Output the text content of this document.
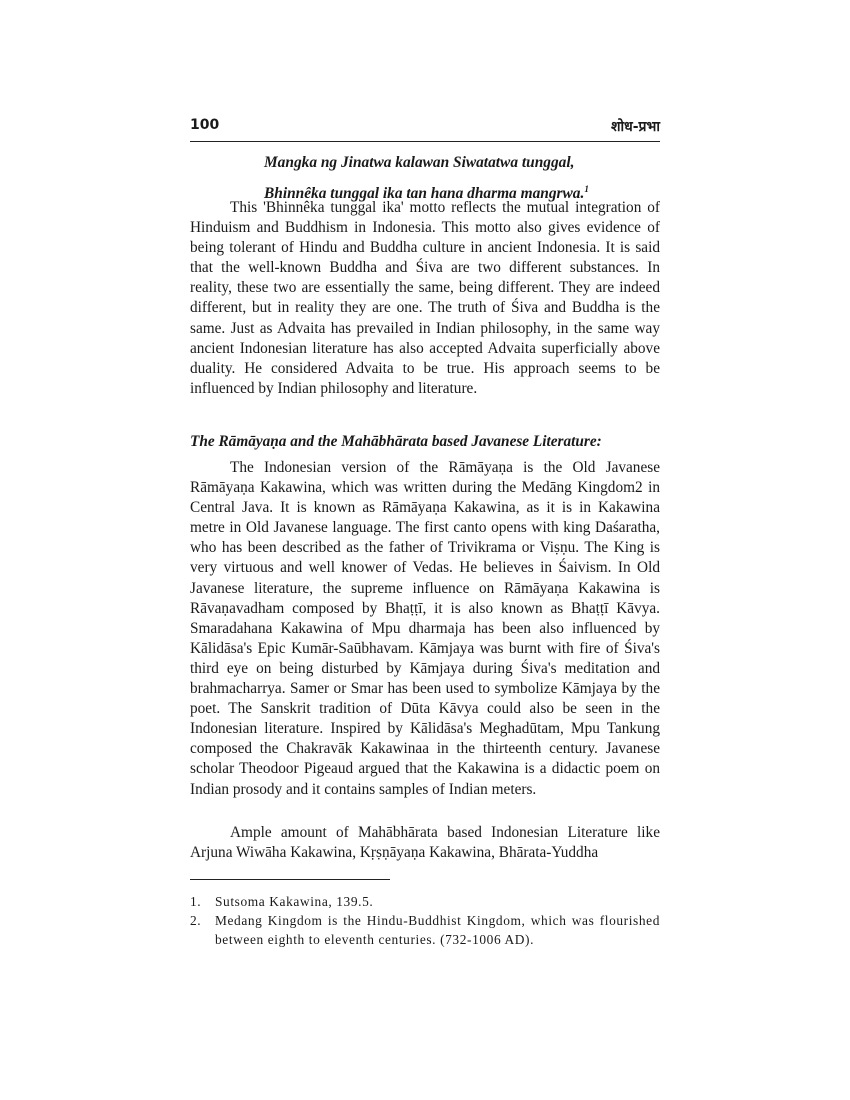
100	शोध-प्रभा
Mangka ng Jinatwa kalawan Siwatatwa tunggal,
Bhinnêka tunggal ika tan hana dharma mangrwa.$^1$

This 'Bhinnêka tunggal ika' motto reflects the mutual integration of Hinduism and Buddhism in Indonesia. This motto also gives evidence of being tolerant of Hindu and Buddha culture in ancient Indonesia. It is said that the well-known Buddha and Śiva are two different substances. In reality, these two are essentially the same, being different. They are indeed different, but in reality they are one. The truth of Śiva and Buddha is the same. Just as Advaita has prevailed in Indian philosophy, in the same way ancient Indonesian literature has also accepted Advaita superficially above duality. He considered Advaita to be true. His approach seems to be influenced by Indian philosophy and literature.

The Rāmāyaṇa and the Mahābhārata based Javanese Literature:

The Indonesian version of the Rāmāyaṇa is the Old Javanese Rāmāyaṇa Kakawina, which was written during the Medāng Kingdom2 in Central Java. It is known as Rāmāyaṇa Kakawina, as it is in Kakawina metre in Old Javanese language. The first canto opens with king Daśaratha, who has been described as the father of Trivikrama or Viṣṇu. The King is very virtuous and well knower of Vedas. He believes in Śaivism. In Old Javanese literature, the supreme influence on Rāmāyaṇa Kakawina is Rāvaṇavadham composed by Bhaṭṭī, it is also known as Bhaṭṭī Kāvya. Smaradahana Kakawina of Mpu dharmaja has been also influenced by Kālidāsa's Epic Kumār-Saūbhavam. Kāmjaya was burnt with fire of Śiva's third eye on being disturbed by Kāmjaya during Śiva's meditation and brahmacharrya. Samer or Smar has been used to symbolize Kāmjaya by the poet. The Sanskrit tradition of Dūta Kāvya could also be seen in the Indonesian literature. Inspired by Kālidāsa's Meghadūtam, Mpu Tankung composed the Chakravāk Kakawinaa in the thirteenth century. Javanese scholar Theodoor Pigeaud argued that the Kakawina is a didactic poem on Indian prosody and it contains samples of Indian meters.

Ample amount of Mahābhārata based Indonesian Literature like Arjuna Wiwāha Kakawina, Kṛṣṇāyaṇa Kakawina, Bhārata-Yuddha

1.	Sutsoma Kakawina, 139.5.
2.	Medang Kingdom is the Hindu-Buddhist Kingdom, which was flourished between eighth to eleventh centuries. (732-1006 AD).
